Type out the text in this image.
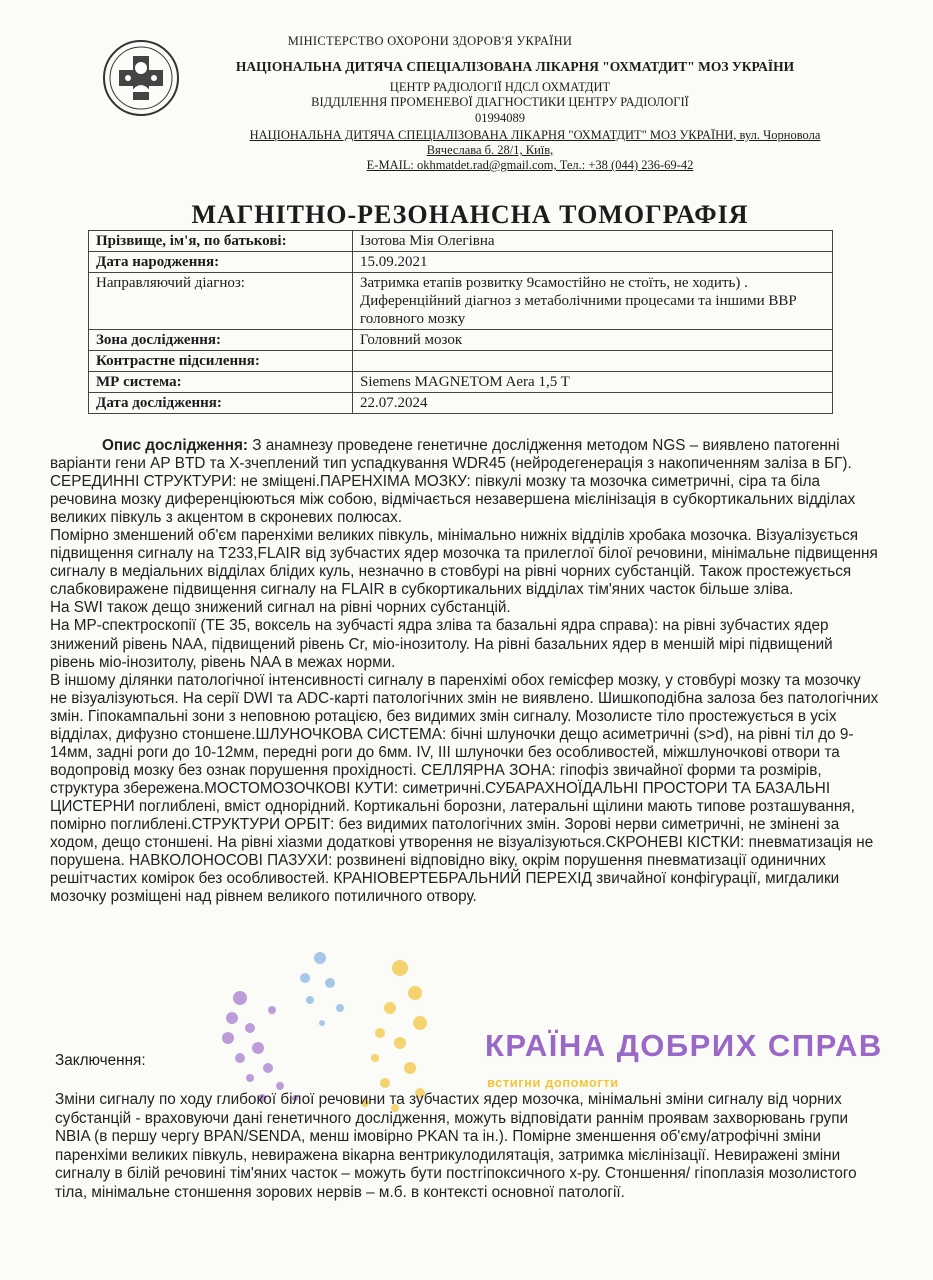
МІНІСТЕРСТВО ОХОРОНИ ЗДОРОВ'Я УКРАЇНИ
НАЦІОНАЛЬНА ДИТЯЧА СПЕЦІАЛІЗОВАНА ЛІКАРНЯ "ОХМАТДИТ" МОЗ УКРАЇНИ
ЦЕНТР РАДІОЛОГІЇ НДСЛ ОХМАТДИТ
ВІДДІЛЕННЯ ПРОМЕНЕВОЇ ДІАГНОСТИКИ ЦЕНТРУ РАДІОЛОГІЇ
01994089
НАЦІОНАЛЬНА ДИТЯЧА СПЕЦІАЛІЗОВАНА ЛІКАРНЯ "ОХМАТДИТ" МОЗ УКРАЇНИ, вул. Чорновола
Вячеслава б. 28/1, Київ,
E-MAIL: okhmatdet.rad@gmail.com, Тел.: +38 (044) 236-69-42
МАГНІТНО-РЕЗОНАНСНА ТОМОГРАФІЯ
Прізвище, ім'я, по батькові:	Ізотова Мія Олегівна
Дата народження:	15.09.2021
Направляючий діагноз:	Затримка етапів розвитку 9самостійно не стоїть, не ходить) . Диференційний діагноз з метаболічними процесами та іншими ВВР головного мозку
Зона дослідження:	Головний мозок
Контрастне підсилення:	
МР система:	Siemens MAGNETOM Aera 1,5 T
Дата дослідження:	22.07.2024

Опис дослідження: З анамнезу проведене генетичне дослідження методом NGS – виявлено патогенні варіанти гени АР BTD та Х-зчеплений тип успадкування WDR45 (нейродегенерація з накопиченням заліза в БГ).

СЕРЕДИННІ СТРУКТУРИ: не зміщені.ПАРЕНХІМА МОЗКУ: півкулі мозку та мозочка симетричні, сіра та біла речовина мозку диференціюються між собою, відмічається незавершена мієлінізація в субкортикальних відділах великих півкуль з акцентом в скроневих полюсах.

Помірно зменшений об'єм паренхіми великих півкуль, мінімально нижніх відділів хробака мозочка. Візуалізується підвищення сигналу на Т233,FLAIR від зубчастих ядер мозочка та прилеглої білої речовини, мінімальне підвищення сигналу в медіальних відділах блідих куль, незначно в стовбурі на рівні чорних субстанцій. Також простежується слабковиражене підвищення сигналу на FLAIR в субкортикальних відділах тім'яних часток більше зліва.

На SWI також дещо знижений сигнал на рівні чорних субстанцій.

На МР-спектроскопії (ТЕ 35, воксель на зубчасті ядра зліва та базальні ядра справа): на рівні зубчастих ядер знижений рівень NAA, підвищений рівень Cr, міо-інозитолу. На рівні базальних ядер в меншій мірі підвищений рівень міо-інозитолу, рівень NAA в межах норми.

В іншому ділянки патологічної інтенсивності сигналу в паренхімі обох гемісфер мозку, у стовбурі мозку та мозочку не візуалізуються. На серії DWI та ADC-карті патологічних змін не виявлено. Шишкоподібна залоза без патологічних змін. Гіпокампальні зони з неповною ротацією, без видимих змін сигналу. Мозолисте тіло простежується в усіх відділах, дифузно стоншене.ШЛУНОЧКОВА СИСТЕМА: бічні шлуночки дещо асиметричні (s>d), на рівні тіл до 9-14мм, задні роги до 10-12мм, передні роги до 6мм. IV, III шлуночки без особливостей, міжшлуночкові отвори та водопровід мозку без ознак порушення прохідності. СЕЛЛЯРНА ЗОНА: гіпофіз звичайної форми та розмірів, структура збережена.МОСТОМОЗОЧКОВІ КУТИ: симетричні.СУБАРАХНОЇДАЛЬНІ ПРОСТОРИ ТА БАЗАЛЬНІ ЦИСТЕРНИ поглиблені, вміст однорідний. Кортикальні борозни, латеральні щілини мають типове розташування, помірно поглиблені.СТРУКТУРИ ОРБІТ: без видимих патологічних змін. Зорові нерви симетричні, не змінені за ходом, дещо стоншені. На рівні хіазми додаткові утворення не візуалізуються.СКРОНЕВІ КІСТКИ: пневматизація не порушена. НАВКОЛОНОСОВІ ПАЗУХИ: розвинені відповідно віку, окрім порушення пневматизації одиничних решітчастих комірок без особливостей. КРАНІОВЕРТЕБРАЛЬНИЙ ПЕРЕХІД звичайної конфігурації, мигдалики мозочку розміщені над рівнем великого потиличного отвору.

КРАЇНА ДОБРИХ СПРАВ
встигни допомогти
Заключення:
Зміни сигналу по ходу глибокої білої речовини та зубчастих ядер мозочка, мінімальні зміни сигналу від чорних субстанцій - враховуючи дані генетичного дослідження, можуть відповідати раннім проявам захворювань групи NBIA (в першу чергу BPAN/SENDA, менш імовірно PKAN та ін.). Помірне зменшення об'єму/атрофічні зміни паренхіми великих півкуль, невиражена вікарна вентрикулодилятація, затримка мієлінізації. Невиражені зміни сигналу в білій речовині тім'яних часток – можуть бути постгіпоксичного х-ру. Стоншення/ гіпоплазія мозолистого тіла, мінімальне стоншення зорових нервів – м.б. в контексті основної патології.
